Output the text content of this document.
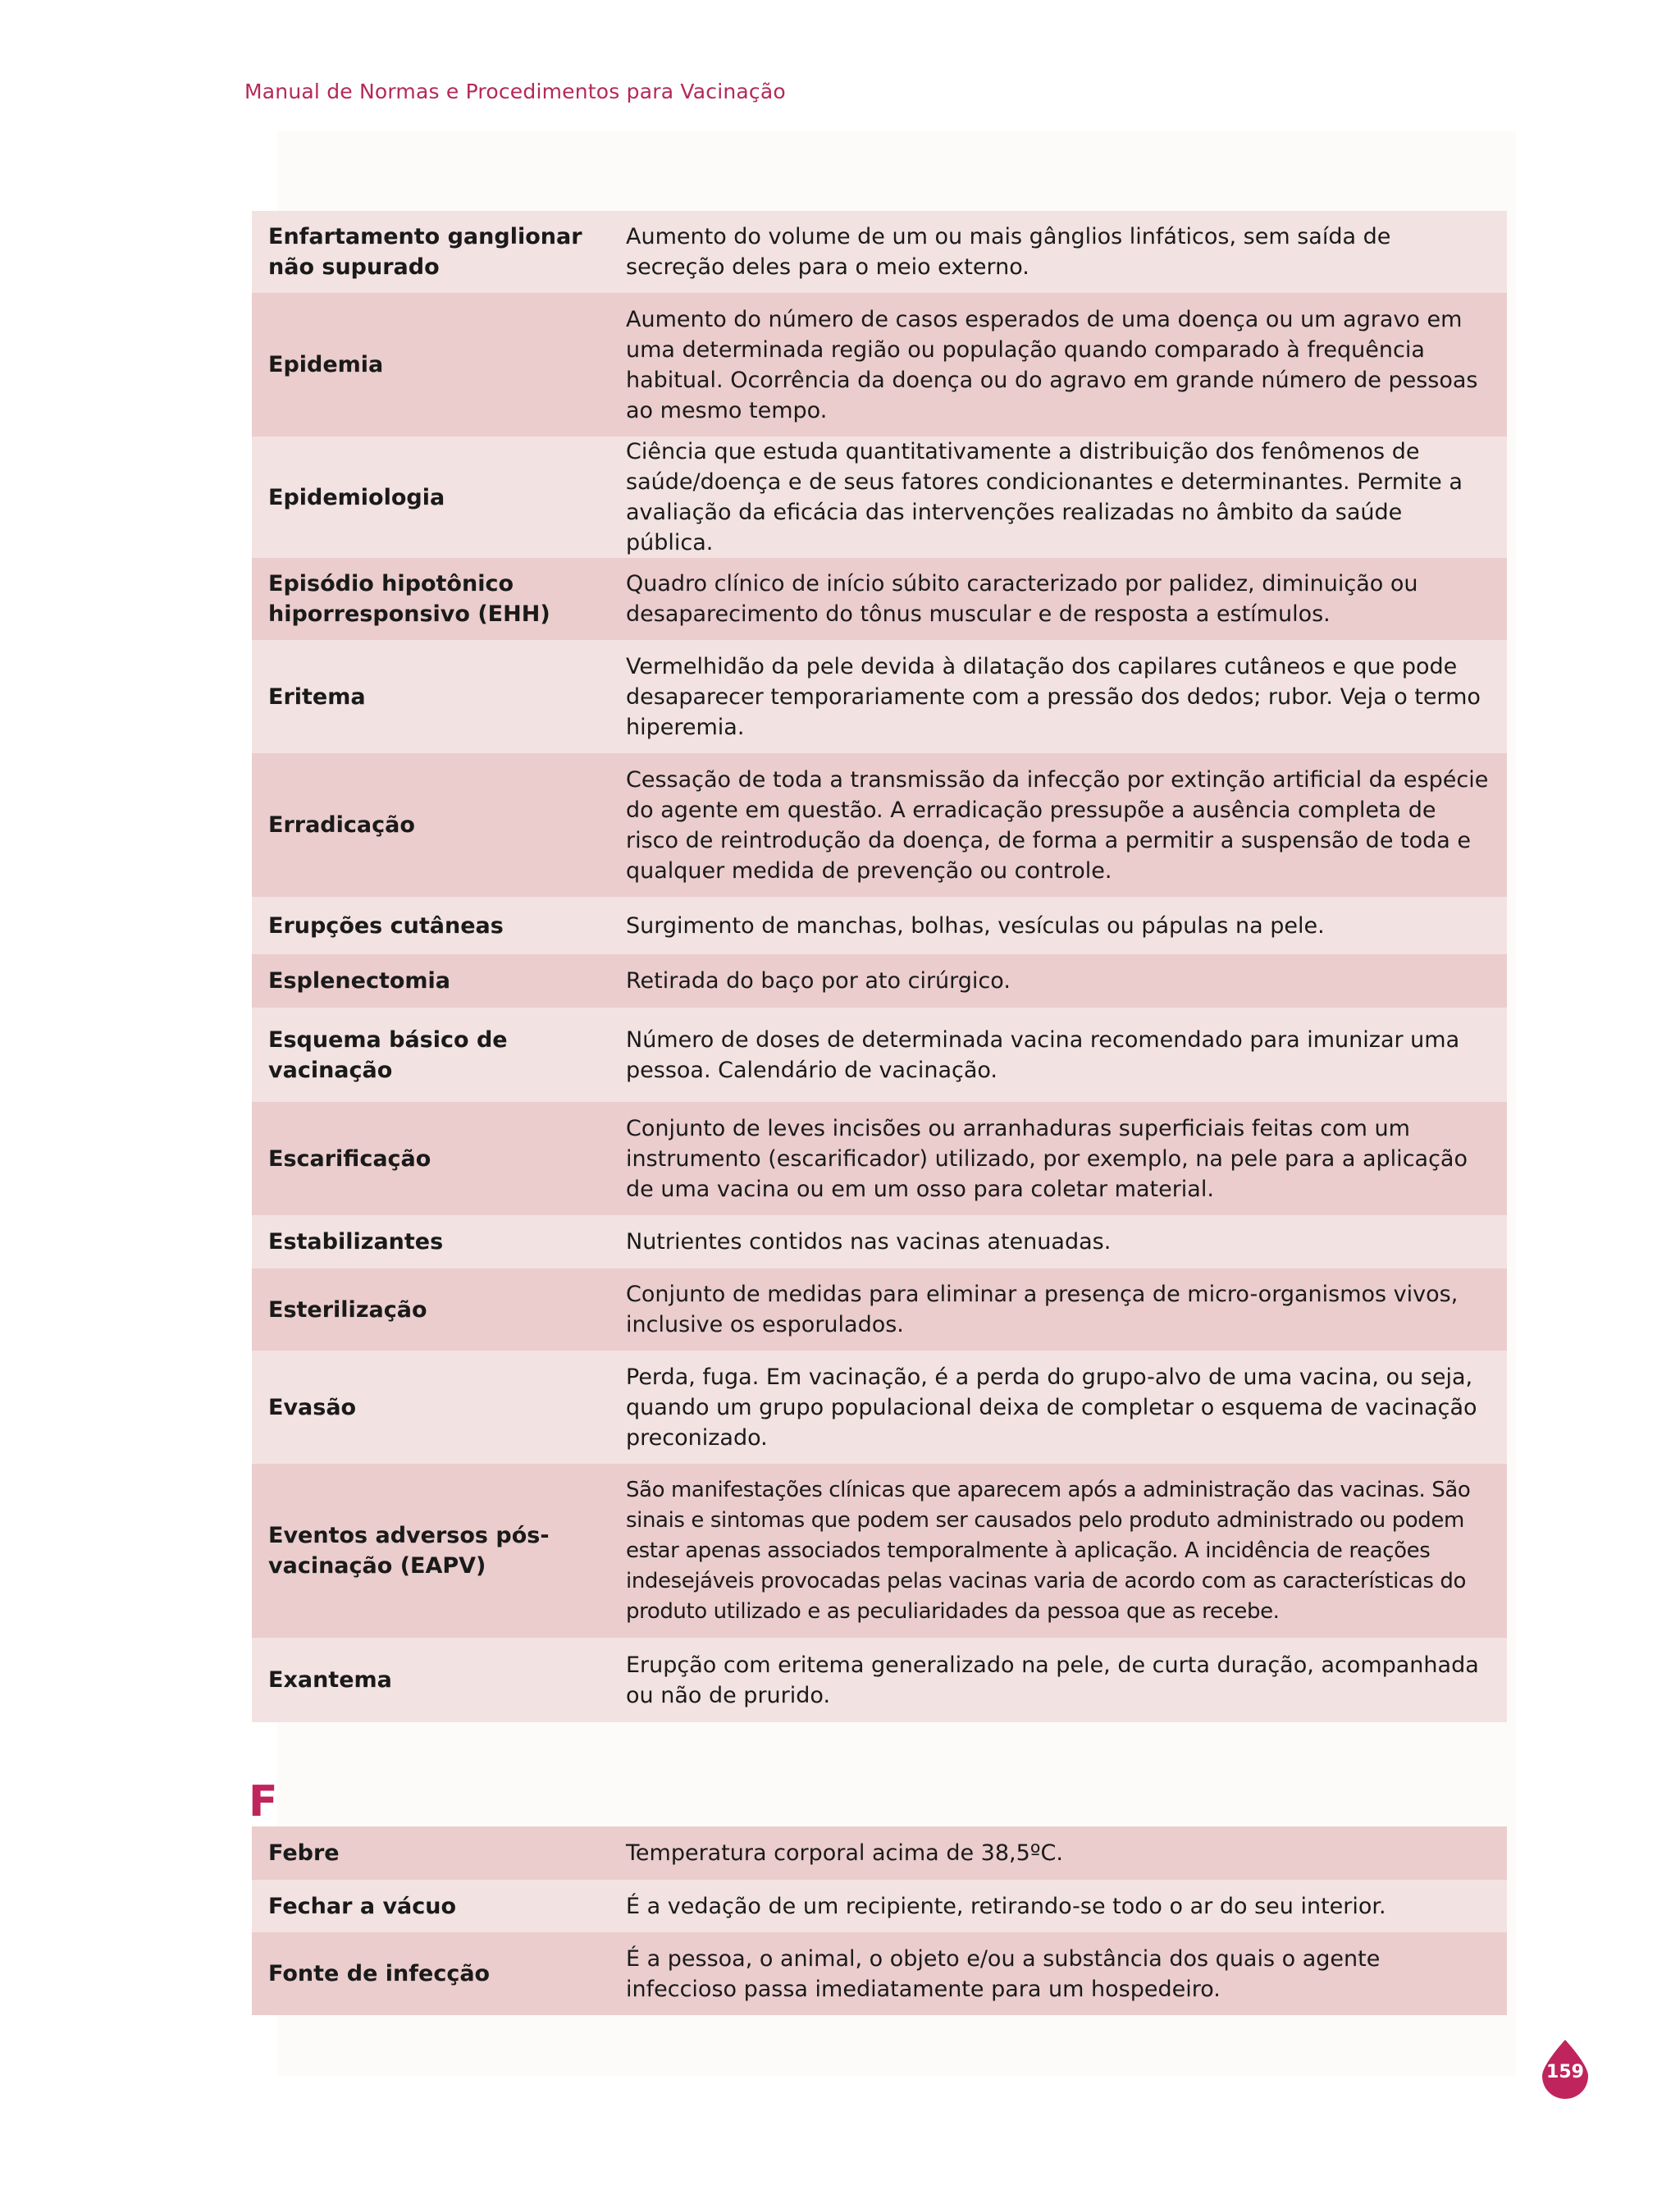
Manual de Normas e Procedimentos para Vacinação
Enfartamento ganglionar não supurado	Aumento do volume de um ou mais gânglios linfáticos, sem saída de secreção deles para o meio externo.
Epidemia	Aumento do número de casos esperados de uma doença ou um agravo em uma determinada região ou população quando comparado à frequência habitual. Ocorrência da doença ou do agravo em grande número de pessoas ao mesmo tempo.
Epidemiologia	Ciência que estuda quantitativamente a distribuição dos fenômenos de saúde/doença e de seus fatores condicionantes e determinantes. Permite a avaliação da eficácia das intervenções realizadas no âmbito da saúde pública.
Episódio hipotônico hiporresponsivo (EHH)	Quadro clínico de início súbito caracterizado por palidez, diminuição ou desaparecimento do tônus muscular e de resposta a estímulos.
Eritema	Vermelhidão da pele devida à dilatação dos capilares cutâneos e que pode desaparecer temporariamente com a pressão dos dedos; rubor. Veja o termo hiperemia.
Erradicação	Cessação de toda a transmissão da infecção por extinção artificial da espécie do agente em questão. A erradicação pressupõe a ausência completa de risco de reintrodução da doença, de forma a permitir a suspensão de toda e qualquer medida de prevenção ou controle.
Erupções cutâneas	Surgimento de manchas, bolhas, vesículas ou pápulas na pele.
Esplenectomia	Retirada do baço por ato cirúrgico.
Esquema básico de vacinação	Número de doses de determinada vacina recomendado para imunizar uma pessoa. Calendário de vacinação.
Escarificação	Conjunto de leves incisões ou arranhaduras superficiais feitas com um instrumento (escarificador) utilizado, por exemplo, na pele para a aplicação de uma vacina ou em um osso para coletar material.
Estabilizantes	Nutrientes contidos nas vacinas atenuadas.
Esterilização	Conjunto de medidas para eliminar a presença de micro-organismos vivos, inclusive os esporulados.
Evasão	Perda, fuga. Em vacinação, é a perda do grupo-alvo de uma vacina, ou seja, quando um grupo populacional deixa de completar o esquema de vacinação preconizado.
Eventos adversos pós-vacinação (EAPV)	São manifestações clínicas que aparecem após a administração das vacinas. São sinais e sintomas que podem ser causados pelo produto administrado ou podem estar apenas associados temporalmente à aplicação. A incidência de reações indesejáveis provocadas pelas vacinas varia de acordo com as características do produto utilizado e as peculiaridades da pessoa que as recebe.
Exantema	Erupção com eritema generalizado na pele, de curta duração, acompanhada ou não de prurido.
F
Febre	Temperatura corporal acima de 38,5ºC.
Fechar a vácuo	É a vedação de um recipiente, retirando-se todo o ar do seu interior.
Fonte de infecção	É a pessoa, o animal, o objeto e/ou a substância dos quais o agente infeccioso passa imediatamente para um hospedeiro.
159
